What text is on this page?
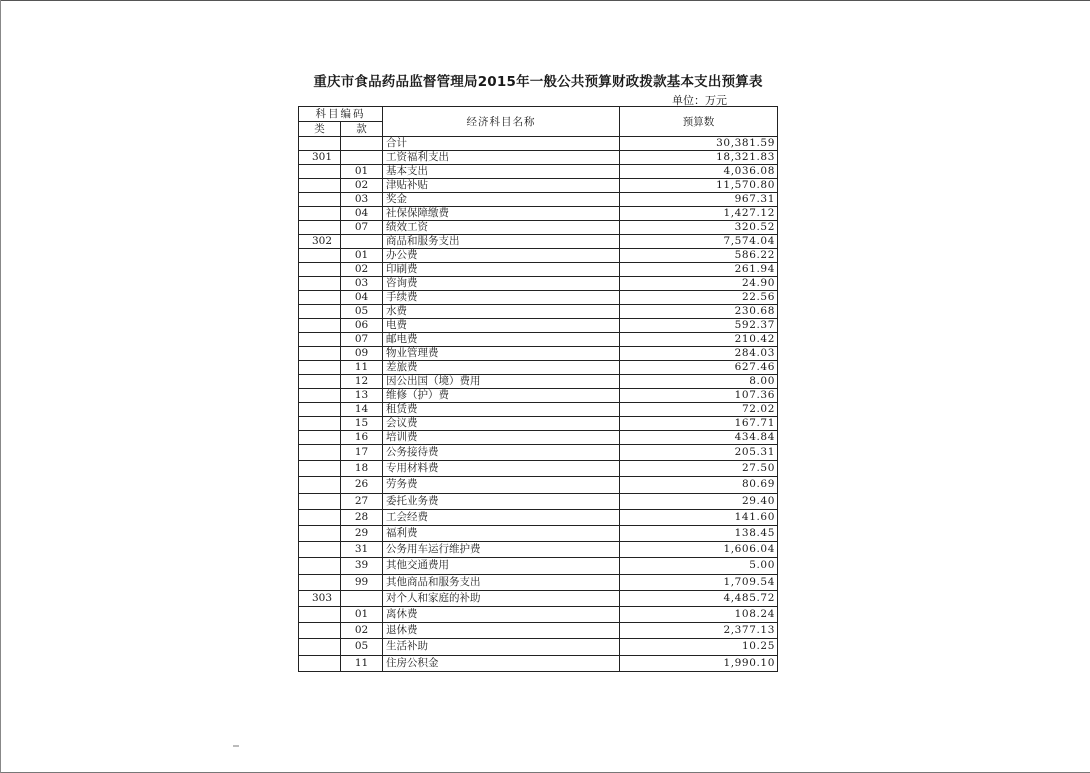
重庆市食品药品监督管理局2015年一般公共预算财政拨款基本支出预算表
单位：万元
科目编码		经济科目名称	预算数
类	款		
		合计	30,381.59
301		工资福利支出	18,321.83
	01	基本支出	4,036.08
	02	津贴补贴	11,570.80
	03	奖金	967.31
	04	社保保障缴费	1,427.12
	07	绩效工资	320.52
302		商品和服务支出	7,574.04
	01	办公费	586.22
	02	印刷费	261.94
	03	咨询费	24.90
	04	手续费	22.56
	05	水费	230.68
	06	电费	592.37
	07	邮电费	210.42
	09	物业管理费	284.03
	11	差旅费	627.46
	12	因公出国（境）费用	8.00
	13	维修（护）费	107.36
	14	租赁费	72.02
	15	会议费	167.71
	16	培训费	434.84
	17	公务接待费	205.31
	18	专用材料费	27.50
	26	劳务费	80.69
	27	委托业务费	29.40
	28	工会经费	141.60
	29	福利费	138.45
	31	公务用车运行维护费	1,606.04
	39	其他交通费用	5.00
	99	其他商品和服务支出	1,709.54
303		对个人和家庭的补助	4,485.72
	01	离休费	108.24
	02	退休费	2,377.13
	05	生活补助	10.25
	11	住房公积金	1,990.10
